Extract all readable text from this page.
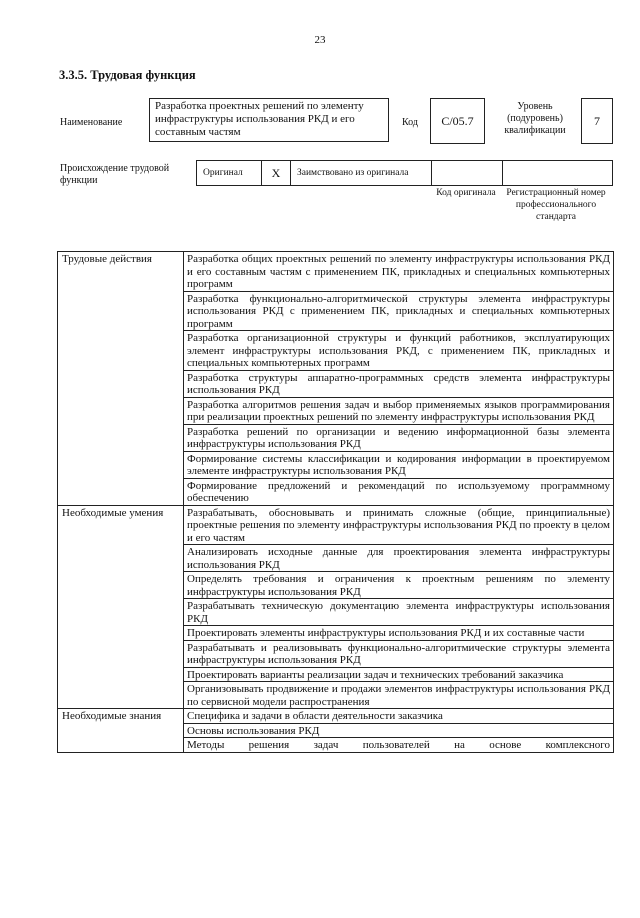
23
3.3.5. Трудовая функция
Наименование
Разработка проектных решений по элементу инфраструктуры использования РКД и его составным частям
Код C/05.7
Уровень (подуровень) квалификации
7
Происхождение трудовой функции
Оригинал	X	Заимствовано из оригинала		
Код оригинала	Регистрационный номер профессионального стандарта
Трудовые действия	Разработка общих проектных решений по элементу инфраструктуры использования РКД и его составным частям с применением ПК, прикладных и специальных компьютерных программ
	Разработка функционально-алгоритмической структуры элемента инфраструктуры использования РКД с применением ПК, прикладных и специальных компьютерных программ
	Разработка организационной структуры и функций работников, эксплуатирующих элемент инфраструктуры использования РКД, с применением ПК, прикладных и специальных компьютерных программ
	Разработка структуры аппаратно-программных средств элемента инфраструктуры использования РКД
	Разработка алгоритмов решения задач и выбор применяемых языков программирования при реализации проектных решений по элементу инфраструктуры использования РКД
	Разработка решений по организации и ведению информационной базы элемента инфраструктуры использования РКД
	Формирование системы классификации и кодирования информации в проектируемом элементе инфраструктуры использования РКД
	Формирование предложений и рекомендаций по используемому программному обеспечению
Необходимые умения	Разрабатывать, обосновывать и принимать сложные (общие, принципиальные) проектные решения по элементу инфраструктуры использования РКД по проекту в целом и его частям
	Анализировать исходные данные для проектирования элемента инфраструктуры использования РКД
	Определять требования и ограничения к проектным решениям по элементу инфраструктуры использования РКД
	Разрабатывать техническую документацию элемента инфраструктуры использования РКД
	Проектировать элементы инфраструктуры использования РКД и их составные части
	Разрабатывать и реализовывать функционально-алгоритмические структуры элемента инфраструктуры использования РКД
	Проектировать варианты реализации задач и технических требований заказчика
	Организовывать продвижение и продажи элементов инфраструктуры использования РКД по сервисной модели распространения
Необходимые знания	Специфика и задачи в области деятельности заказчика
	Основы использования РКД
	Методы решения задач пользователей на основе комплексного
